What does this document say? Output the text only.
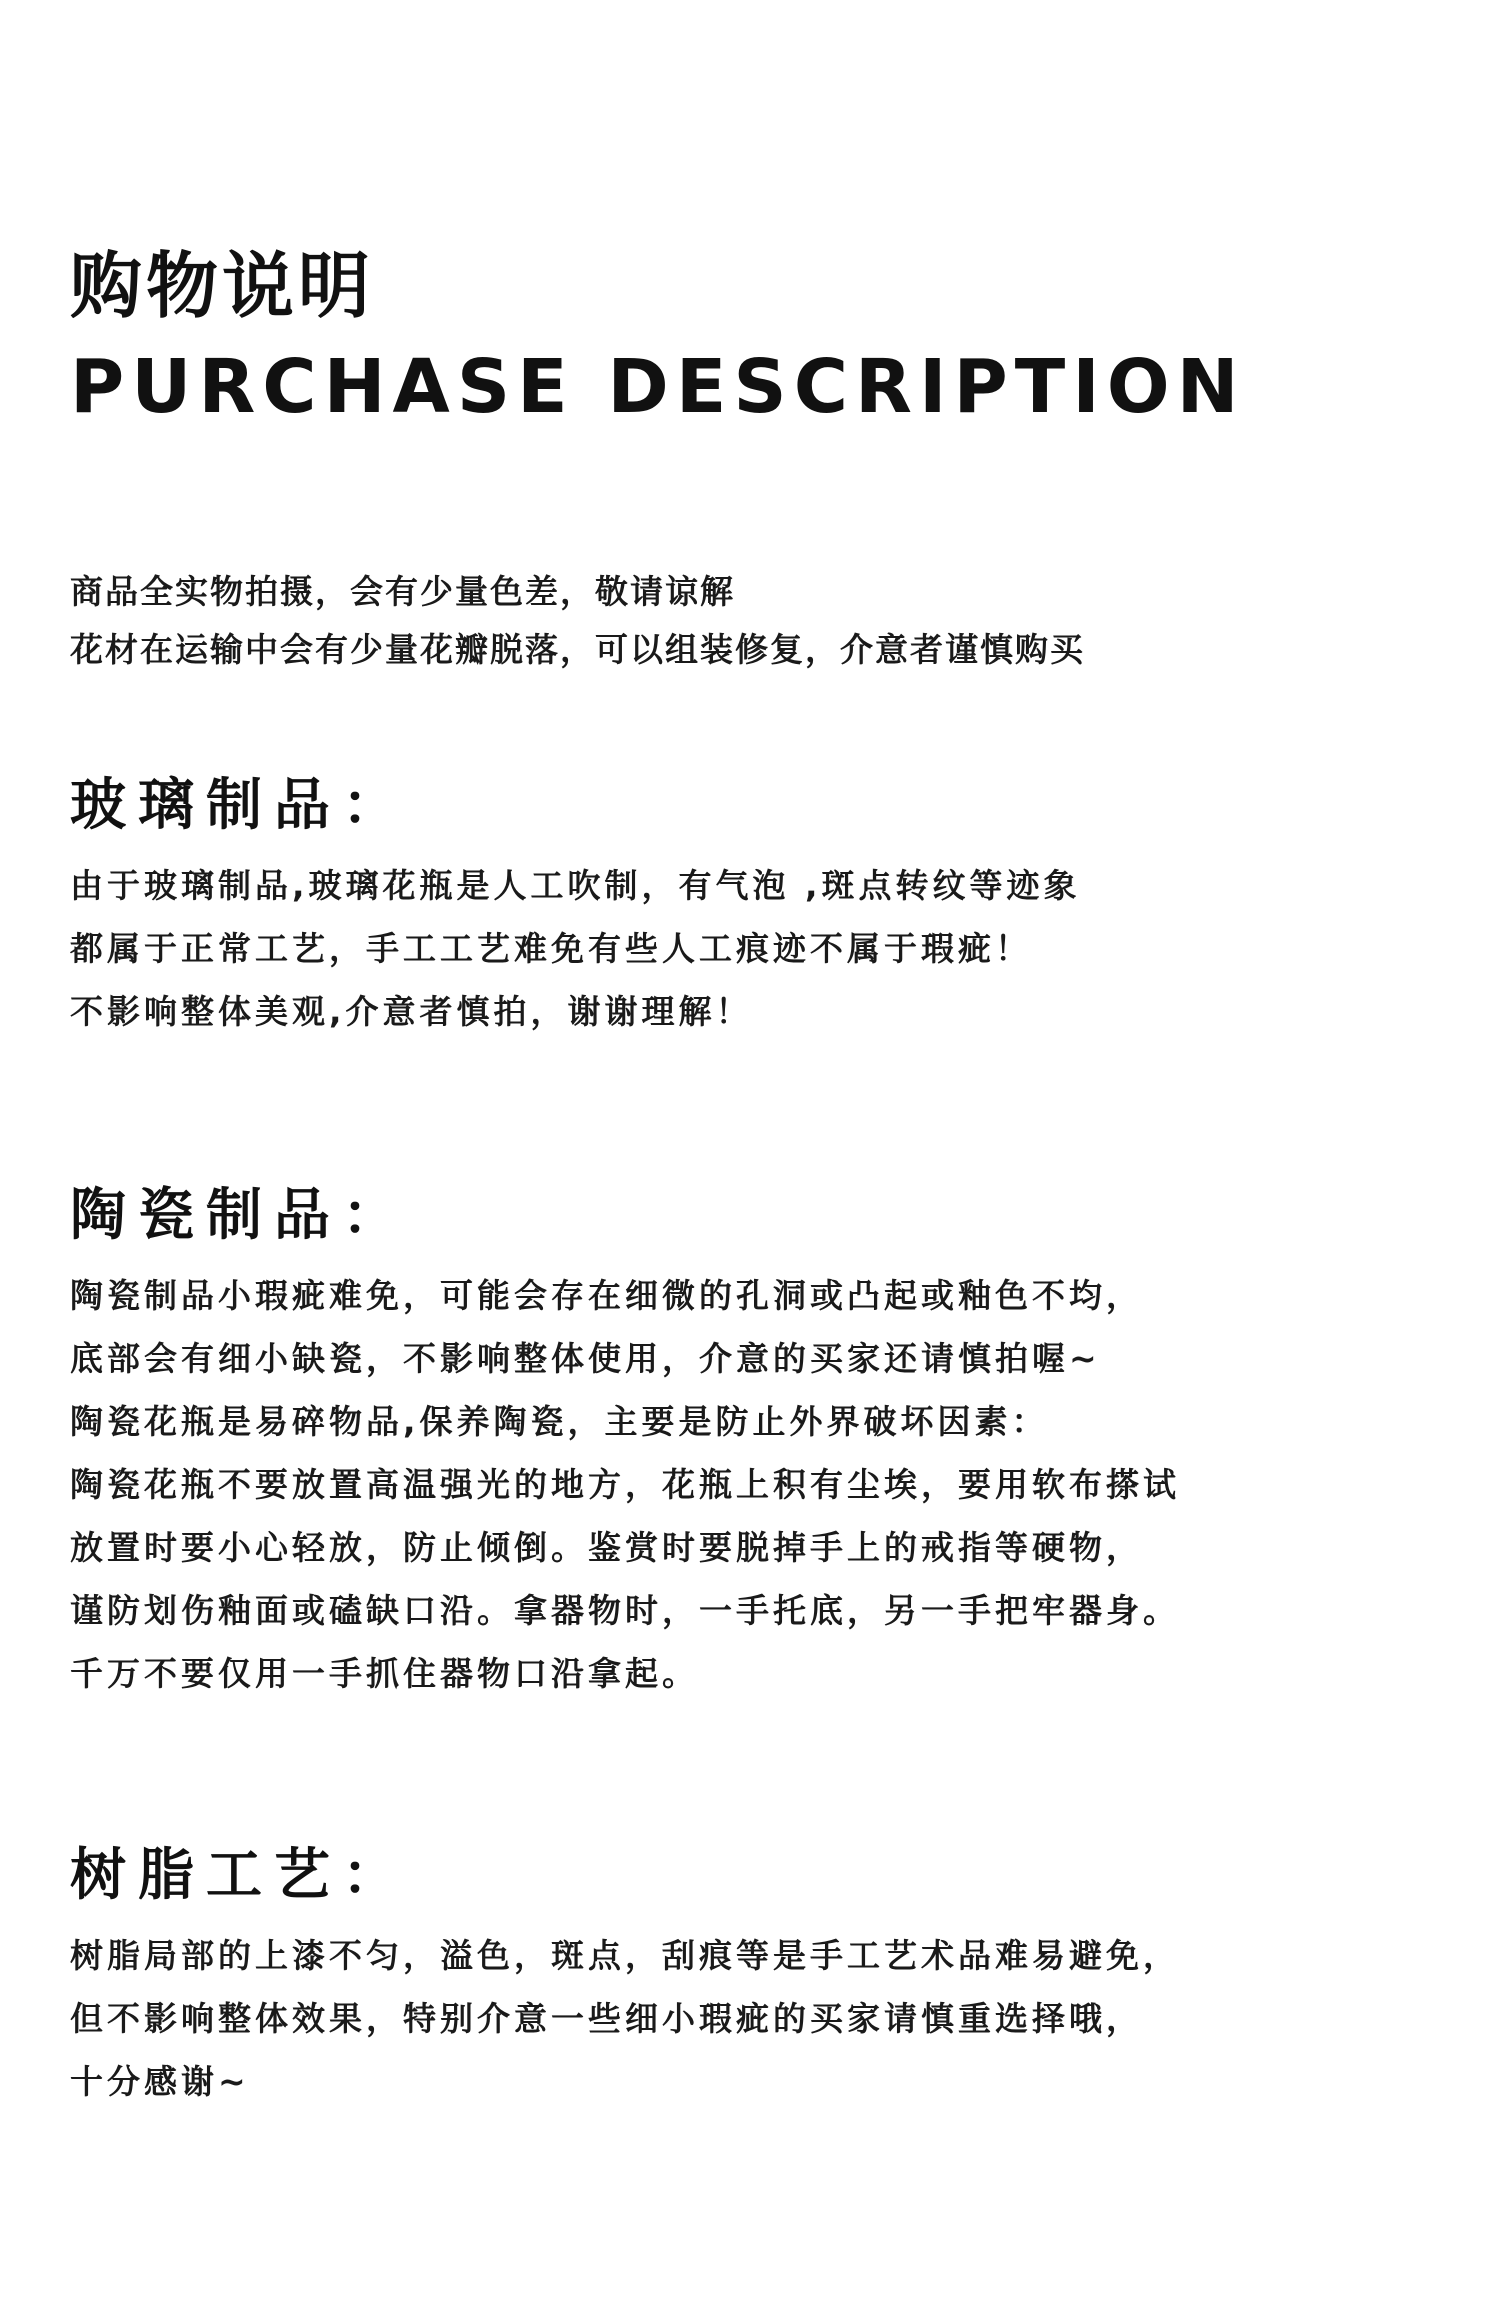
购物说明
PURCHASE DESCRIPTION

商品全实物拍摄，会有少量色差，敬请谅解

花材在运输中会有少量花瓣脱落，可以组装修复，介意者谨慎购买

玻璃制品：

由于玻璃制品,玻璃花瓶是人工吹制，有气泡 ,斑点转纹等迹象

都属于正常工艺，手工工艺难免有些人工痕迹不属于瑕疵！

不影响整体美观,介意者慎拍，谢谢理解！

陶瓷制品：

陶瓷制品小瑕疵难免，可能会存在细微的孔洞或凸起或釉色不均，

底部会有细小缺瓷，不影响整体使用，介意的买家还请慎拍喔~

陶瓷花瓶是易碎物品,保养陶瓷，主要是防止外界破坏因素：

陶瓷花瓶不要放置高温强光的地方，花瓶上积有尘埃，要用软布搽试

放置时要小心轻放，防止倾倒。鉴赏时要脱掉手上的戒指等硬物，

谨防划伤釉面或磕缺口沿。拿器物时，一手托底，另一手把牢器身。

千万不要仅用一手抓住器物口沿拿起。

树脂工艺：

树脂局部的上漆不匀，溢色，斑点，刮痕等是手工艺术品难易避免，

但不影响整体效果，特别介意一些细小瑕疵的买家请慎重选择哦，

十分感谢~
